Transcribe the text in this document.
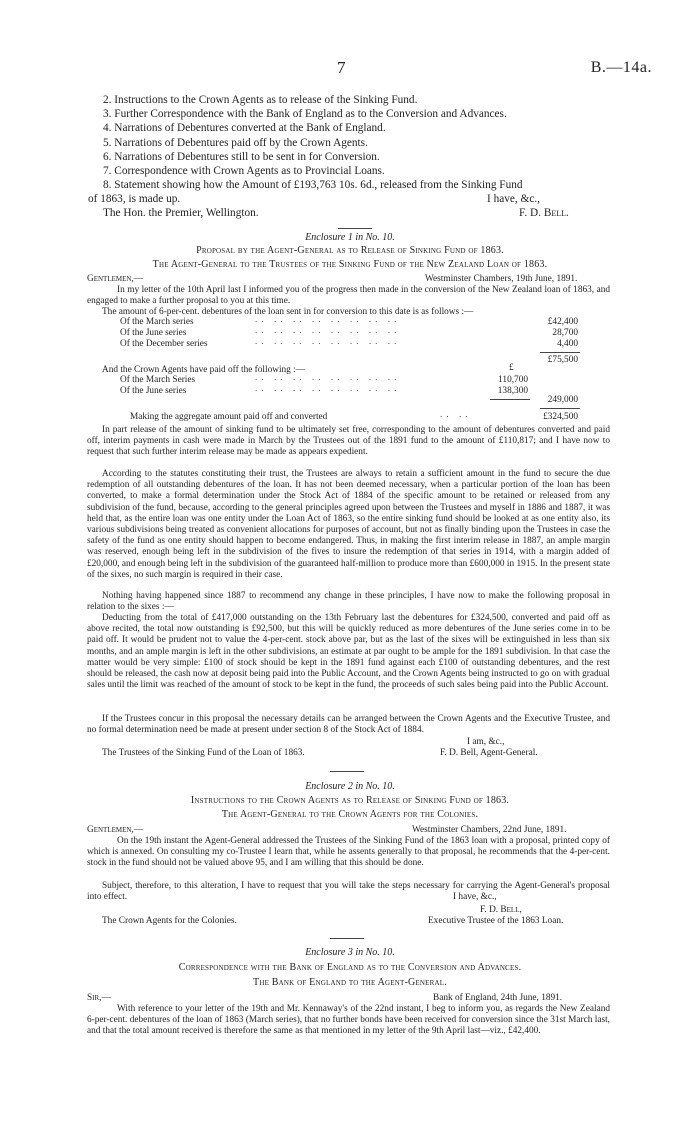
7	B.—14a.
2. Instructions to the Crown Agents as to release of the Sinking Fund.
3. Further Correspondence with the Bank of England as to the Conversion and Advances.
4. Narrations of Debentures converted at the Bank of England.
5. Narrations of Debentures paid off by the Crown Agents.
6. Narrations of Debentures still to be sent in for Conversion.
7. Correspondence with Crown Agents as to Provincial Loans.
8. Statement showing how the Amount of £193,763 10s. 6d., released from the Sinking Fund
of 1863, is made up.	I have, &c.,
The Hon. the Premier, Wellington.	F. D. Bell.
Enclosure 1 in No. 10.
Proposal by the Agent-General as to Release of Sinking Fund of 1863.
The Agent-General to the Trustees of the Sinking Fund of the New Zealand Loan of 1863.
Gentlemen,—	Westminster Chambers, 19th June, 1891.
In my letter of the 10th April last I informed you of the progress then made in the conversion of the New Zealand loan of 1863, and engaged to make a further proposal to you at this time.
The amount of 6-per-cent. debentures of the loan sent in for conversion to this date is as follows :—
Of the March series	.. .. .. .. .. .. .. ..	£42,400
Of the June series	.. .. .. .. .. .. .. ..	28,700
Of the December series	.. .. .. .. .. .. .. ..	4,400
£75,500
And the Crown Agents have paid off the following :—	£
Of the March Series	.. .. .. .. .. .. .. ..	110,700
Of the June series	.. .. .. .. .. .. .. ..	138,300
249,000
Making the aggregate amount paid off and converted	.. ..	£324,500
In part release of the amount of sinking fund to be ultimately set free, corresponding to the amount of debentures converted and paid off, interim payments in cash were made in March by the Trustees out of the 1891 fund to the amount of £110,817; and I have now to request that such further interim release may be made as appears expedient.
According to the statutes constituting their trust, the Trustees are always to retain a sufficient amount in the fund to secure the due redemption of all outstanding debentures of the loan. It has not been deemed necessary, when a particular portion of the loan has been converted, to make a formal determination under the Stock Act of 1884 of the specific amount to be retained or released from any subdivision of the fund, because, according to the general principles agreed upon between the Trustees and myself in 1886 and 1887, it was held that, as the entire loan was one entity under the Loan Act of 1863, so the entire sinking fund should be looked at as one entity also, its various subdivisions being treated as convenient allocations for purposes of account, but not as finally binding upon the Trustees in case the safety of the fund as one entity should happen to become endangered. Thus, in making the first interim release in 1887, an ample margin was reserved, enough being left in the subdivision of the fives to insure the redemption of that series in 1914, with a margin added of £20,000, and enough being left in the subdivision of the guaranteed half-million to produce more than £600,000 in 1915. In the present state of the sixes, no such margin is required in their case.
Nothing having happened since 1887 to recommend any change in these principles, I have now to make the following proposal in relation to the sixes :—
Deducting from the total of £417,000 outstanding on the 13th February last the debentures for £324,500, converted and paid off as above recited, the total now outstanding is £92,500, but this will be quickly reduced as more debentures of the June series come in to be paid off. It would be prudent not to value the 4-per-cent. stock above par, but as the last of the sixes will be extinguished in less than six months, and an ample margin is left in the other subdivisions, an estimate at par ought to be ample for the 1891 subdivision. In that case the matter would be very simple: £100 of stock should be kept in the 1891 fund against each £100 of outstanding debentures, and the rest should be released, the cash now at deposit being paid into the Public Account, and the Crown Agents being instructed to go on with gradual sales until the limit was reached of the amount of stock to be kept in the fund, the proceeds of such sales being paid into the Public Account.
If the Trustees concur in this proposal the necessary details can be arranged between the Crown Agents and the Executive Trustee, and no formal determination need be made at present under section 8 of the Stock Act of 1884.
I am, &c.,
The Trustees of the Sinking Fund of the Loan of 1863.	F. D. Bell, Agent-General.
Enclosure 2 in No. 10.
Instructions to the Crown Agents as to Release of Sinking Fund of 1863.
The Agent-General to the Crown Agents for the Colonies.
Gentlemen,—	Westminster Chambers, 22nd June, 1891.
On the 19th instant the Agent-General addressed the Trustees of the Sinking Fund of the 1863 loan with a proposal, printed copy of which is annexed. On consulting my co-Trustee I learn that, while he assents generally to that proposal, he recommends that the 4-per-cent. stock in the fund should not be valued above 95, and I am willing that this should be done.
Subject, therefore, to this alteration, I have to request that you will take the steps necessary for carrying the Agent-General's proposal into effect.	I have, &c.,
F. D. Bell,
The Crown Agents for the Colonies.	Executive Trustee of the 1863 Loan.
Enclosure 3 in No. 10.
Correspondence with the Bank of England as to the Conversion and Advances.
The Bank of England to the Agent-General.
Sir,—	Bank of England, 24th June, 1891.
With reference to your letter of the 19th and Mr. Kennaway's of the 22nd instant, I beg to inform you, as regards the New Zealand 6-per-cent. debentures of the loan of 1863 (March series), that no further bonds have been received for conversion since the 31st March last, and that the total amount received is therefore the same as that mentioned in my letter of the 9th April last—viz., £42,400.
